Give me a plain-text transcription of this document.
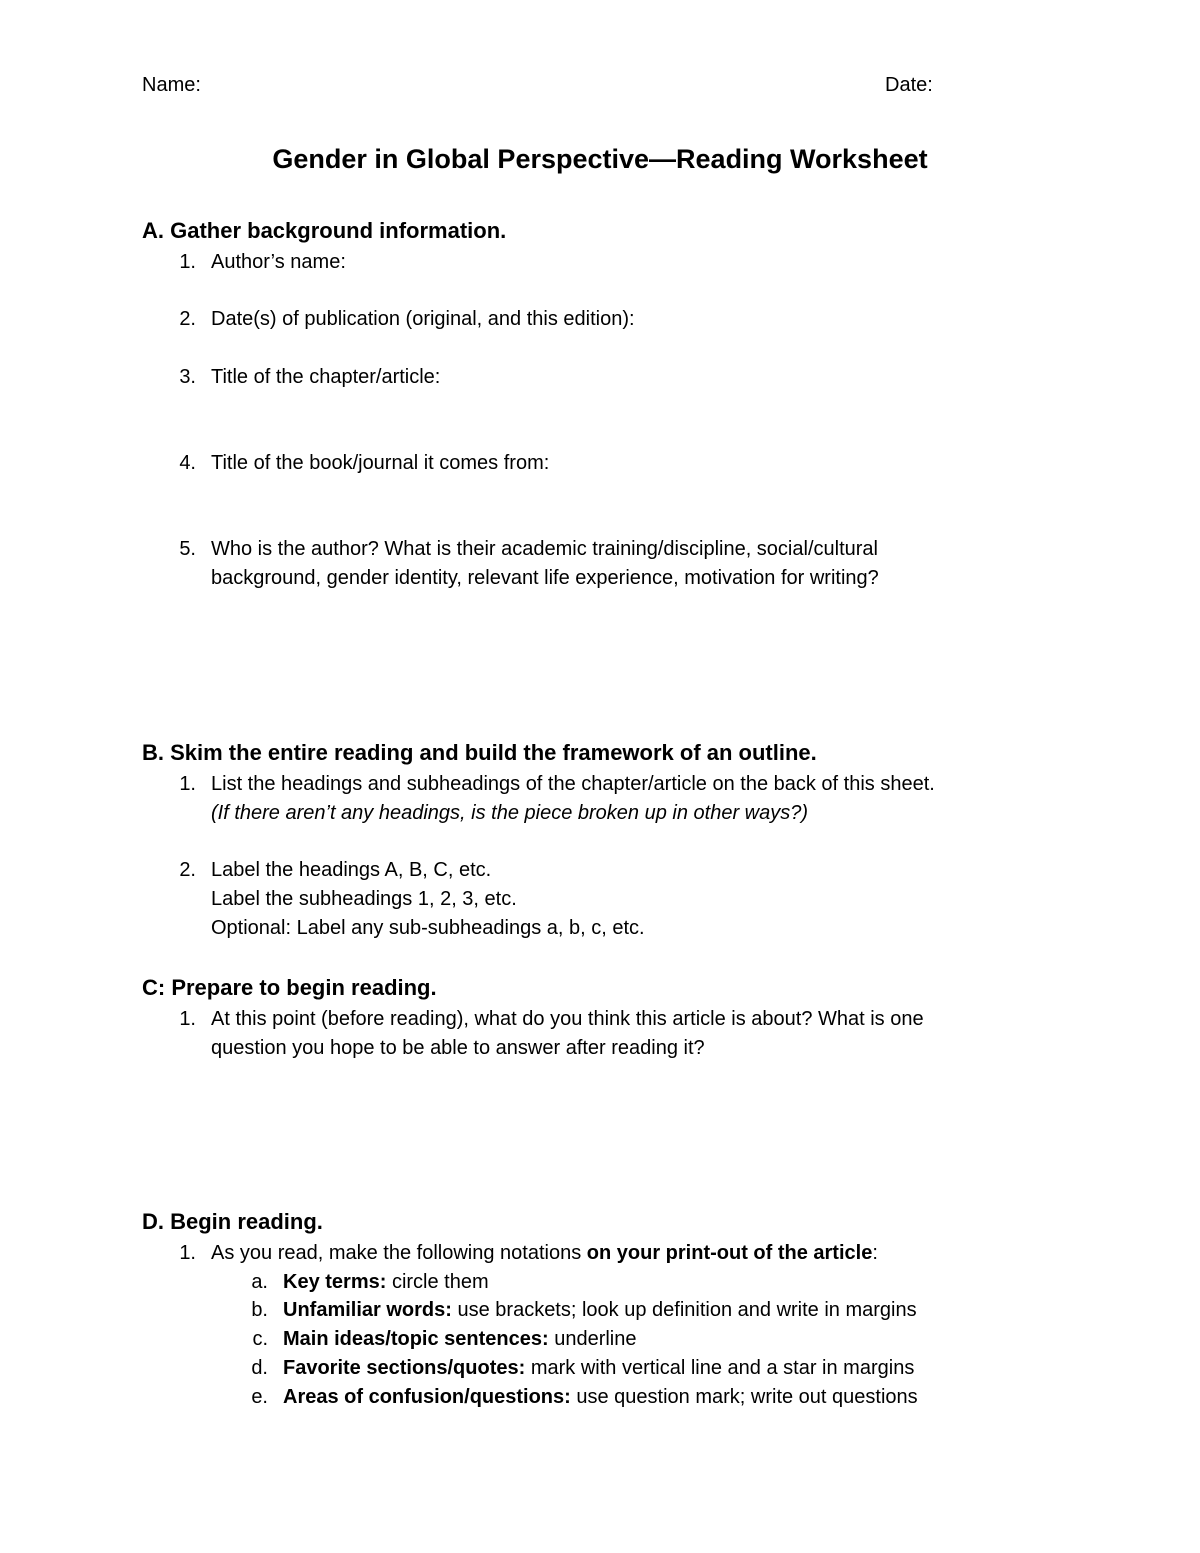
Name:	Date:
Gender in Global Perspective—Reading Worksheet
A. Gather background information.
1. Author’s name:
2. Date(s) of publication (original, and this edition):
3. Title of the chapter/article:
4. Title of the book/journal it comes from:
5. Who is the author? What is their academic training/discipline, social/cultural
background, gender identity, relevant life experience, motivation for writing?
B. Skim the entire reading and build the framework of an outline.
1. List the headings and subheadings of the chapter/article on the back of this sheet.
(If there aren’t any headings, is the piece broken up in other ways?)
2. Label the headings A, B, C, etc.
Label the subheadings 1, 2, 3, etc.
Optional: Label any sub-subheadings a, b, c, etc.
C: Prepare to begin reading.
1. At this point (before reading), what do you think this article is about? What is one
question you hope to be able to answer after reading it?
D. Begin reading.
1. As you read, make the following notations on your print-out of the article:
a. Key terms: circle them
b. Unfamiliar words: use brackets; look up definition and write in margins
c. Main ideas/topic sentences: underline
d. Favorite sections/quotes: mark with vertical line and a star in margins
e. Areas of confusion/questions: use question mark; write out questions
